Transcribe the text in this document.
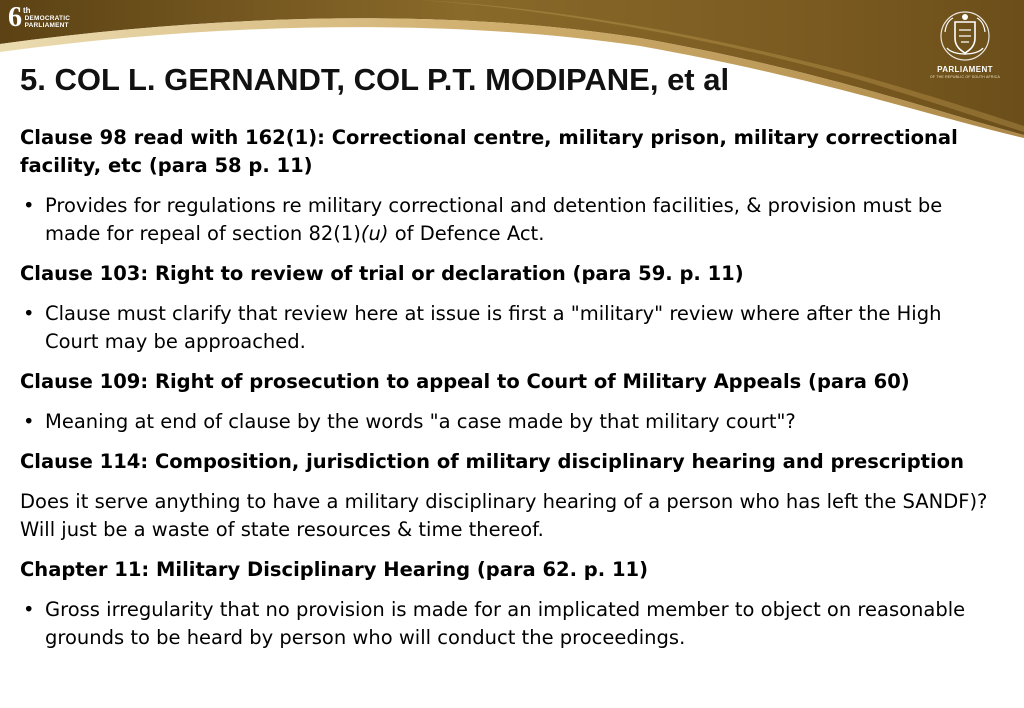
6 th
DEMOCRATIC
PARLIAMENT
PARLIAMENT
OF THE REPUBLIC OF SOUTH AFRICA
5. COL L. GERNANDT, COL P.T. MODIPANE, et al

Clause 98 read with 162(1): Correctional centre, military prison, military correctional facility, etc (para 58 p. 11)

• Provides for regulations re military correctional and detention facilities, & provision must be made for repeal of section 82(1)(u) of Defence Act.

Clause 103: Right to review of trial or declaration (para 59. p. 11)

• Clause must clarify that review here at issue is first a "military" review where after the High Court may be approached.

Clause 109: Right of prosecution to appeal to Court of Military Appeals (para 60)

• Meaning at end of clause by the words "a case made by that military court"?

Clause 114: Composition, jurisdiction of military disciplinary hearing and prescription

Does it serve anything to have a military disciplinary hearing of a person who has left the SANDF)? Will just be a waste of state resources & time thereof.

Chapter 11: Military Disciplinary Hearing (para 62. p. 11)

• Gross irregularity that no provision is made for an implicated member to object on reasonable grounds to be heard by person who will conduct the proceedings.
